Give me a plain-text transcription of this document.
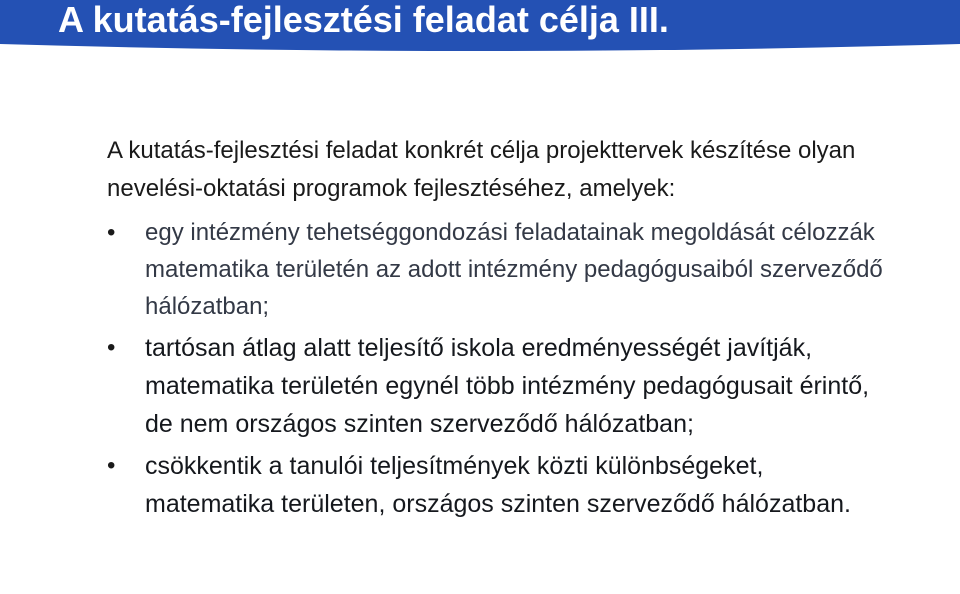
A kutatás-fejlesztési feladat célja III.

A kutatás-fejlesztési feladat konkrét célja projekttervek készítése olyan nevelési-oktatási programok fejlesztéséhez, amelyek:

• egy intézmény tehetséggondozási feladatainak megoldását célozzák matematika területén az adott intézmény pedagógusaiból szerveződő hálózatban;
• tartósan átlag alatt teljesítő iskola eredményességét javítják, matematika területén egynél több intézmény pedagógusait érintő, de nem országos szinten szerveződő hálózatban;
• csökkentik a tanulói teljesítmények közti különbségeket, matematika területen, országos szinten szerveződő hálózatban.
